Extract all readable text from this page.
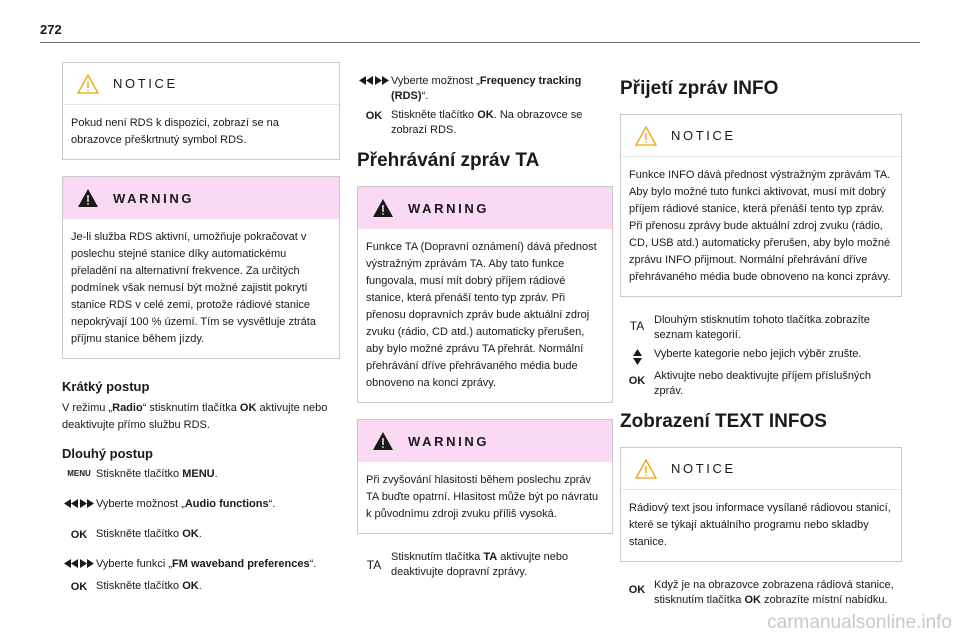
272
NOTICE
Pokud není RDS k dispozici, zobrazí se na obrazovce přeškrtnutý symbol RDS.
WARNING
Je-li služba RDS aktivní, umožňuje pokračovat v poslechu stejné stanice díky automatickému přeladění na alternativní frekvence. Za určitých podmínek však nemusí být možné zajistit pokrytí stanice RDS v celé zemi, protože rádiové stanice nepokrývají 100 % území. Tím se vysvětluje ztráta příjmu stanice během jízdy.
Krátký postup

V režimu „Radio“ stisknutím tlačítka OK aktivujte nebo deaktivujte přímo službu RDS.

Dlouhý postup
MENU Stiskněte tlačítko MENU.
Vyberte možnost „Audio functions“.
OK Stiskněte tlačítko OK.
Vyberte funkci „FM waveband preferences“.
OK Stiskněte tlačítko OK.
Vyberte možnost „Frequency tracking (RDS)“.
OK Stiskněte tlačítko OK. Na obrazovce se zobrazí RDS.
Přehrávání zpráv TA
WARNING
Funkce TA (Dopravní oznámení) dává přednost výstražným zprávám TA. Aby tato funkce fungovala, musí mít dobrý příjem rádiové stanice, která přenáší tento typ zpráv. Při přenosu dopravních zpráv bude aktuální zdroj zvuku (rádio, CD atd.) automaticky přerušen, aby bylo možné zprávu TA přehrát. Normální přehrávání dříve přehrávaného média bude obnoveno na konci zprávy.
WARNING
Při zvyšování hlasitosti během poslechu zpráv TA buďte opatrní. Hlasitost může být po návratu k původnímu zdroji zvuku příliš vysoká.
TA
Stisknutím tlačítka TA aktivujte nebo deaktivujte dopravní zprávy.
Přijetí zpráv INFO
NOTICE
Funkce INFO dává přednost výstražným zprávám TA. Aby bylo možné tuto funkci aktivovat, musí mít dobrý příjem rádiové stanice, která přenáší tento typ zpráv. Při přenosu zprávy bude aktuální zdroj zvuku (rádio, CD, USB atd.) automaticky přerušen, aby bylo možné zprávu INFO přijmout. Normální přehrávání dříve přehrávaného média bude obnoveno na konci zprávy.
TA Dlouhým stisknutím tohoto tlačítka zobrazíte seznam kategorií.
Vyberte kategorie nebo jejich výběr zrušte.
OK Aktivujte nebo deaktivujte příjem příslušných zpráv.
Zobrazení TEXT INFOS
NOTICE
Rádiový text jsou informace vysílané rádiovou stanicí, které se týkají aktuálního programu nebo skladby stanice.
OK Když je na obrazovce zobrazena rádiová stanice, stisknutím tlačítka OK zobrazíte místní nabídku.
carmanualsonline.info
